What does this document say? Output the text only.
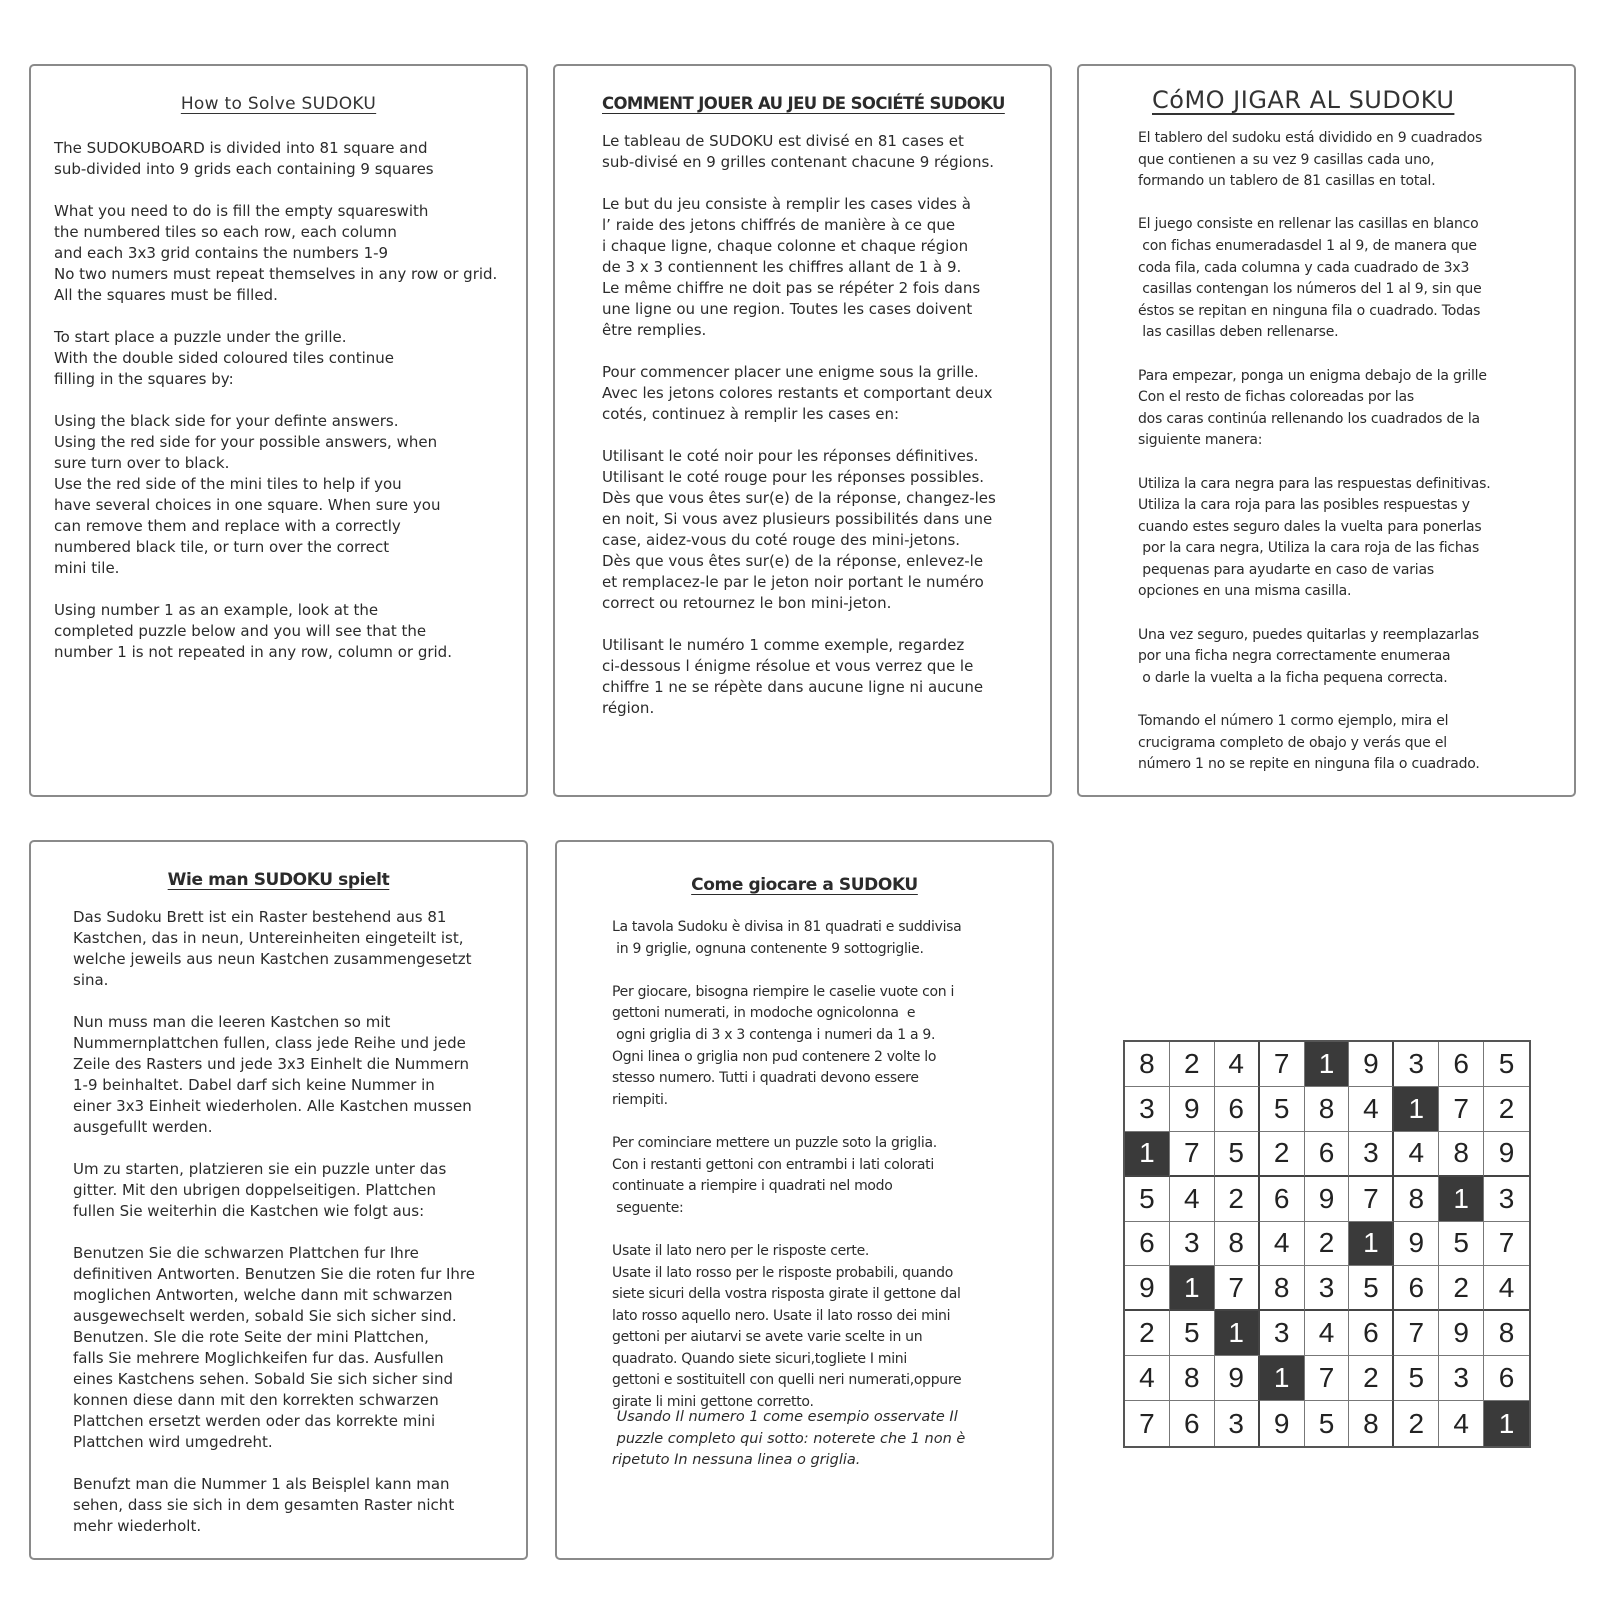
How to Solve SUDOKU

The SUDOKUBOARD is divided into 81 square and
sub-divided into 9 grids each containing 9 squares

What you need to do is fill the empty squareswith
the numbered tiles so each row, each column
and each 3x3 grid contains the numbers 1-9
No two numers must repeat themselves in any row or grid.
All the squares must be filled.

To start place a puzzle under the grille.
With the double sided coloured tiles continue
filling in the squares by:

Using the black side for your definte answers.
Using the red side for your possible answers, when
sure turn over to black.
Use the red side of the mini tiles to help if you
have several choices in one square. When sure you
can remove them and replace with a correctly
numbered black tile, or turn over the correct
mini tile.

Using number 1 as an example, look at the
completed puzzle below and you will see that the
number 1 is not repeated in any row, column or grid.

COMMENT JOUER AU JEU DE SOCIÉTÉ SUDOKU

Le tableau de SUDOKU est divisé en 81 cases et
sub-divisé en 9 grilles contenant chacune 9 régions.

Le but du jeu consiste à remplir les cases vides à
l’ raide des jetons chiffrés de manière à ce que
i chaque ligne, chaque colonne et chaque région
de 3 x 3 contiennent les chiffres allant de 1 à 9.
Le même chiffre ne doit pas se répéter 2 fois dans
une ligne ou une region. Toutes les cases doivent
être remplies.

Pour commencer placer une enigme sous la grille.
Avec les jetons colores restants et comportant deux
cotés, continuez à remplir les cases en:

Utilisant le coté noir pour les réponses définitives.
Utilisant le coté rouge pour les réponses possibles.
Dès que vous êtes sur(e) de la réponse, changez-les
en noit, Si vous avez plusieurs possibilités dans une
case, aidez-vous du coté rouge des mini-jetons.
Dès que vous êtes sur(e) de la réponse, enlevez-le
et remplacez-le par le jeton noir portant le numéro
correct ou retournez le bon mini-jeton.

Utilisant le numéro 1 comme exemple, regardez
ci-dessous l énigme résolue et vous verrez que le
chiffre 1 ne se répète dans aucune ligne ni aucune
région.

CóMO JIGAR AL SUDOKU

El tablero del sudoku está dividido en 9 cuadrados
que contienen a su vez 9 casillas cada uno,
formando un tablero de 81 casillas en total.

El juego consiste en rellenar las casillas en blanco
con fichas enumeradasdel 1 al 9, de manera que
coda fila, cada columna y cada cuadrado de 3x3
casillas contengan los números del 1 al 9, sin que
éstos se repitan en ninguna fila o cuadrado. Todas
las casillas deben rellenarse.

Para empezar, ponga un enigma debajo de la grille
Con el resto de fichas coloreadas por las
dos caras continúa rellenando los cuadrados de la
siguiente manera:

Utiliza la cara negra para las respuestas definitivas.
Utiliza la cara roja para las posibles respuestas y
cuando estes seguro dales la vuelta para ponerlas
por la cara negra, Utiliza la cara roja de las fichas
pequenas para ayudarte en caso de varias
opciones en una misma casilla.

Una vez seguro, puedes quitarlas y reemplazarlas
por una ficha negra correctamente enumeraa
o darle la vuelta a la ficha pequena correcta.

Tomando el número 1 cormo ejemplo, mira el
crucigrama completo de obajo y verás que el
número 1 no se repite en ninguna fila o cuadrado.

Wie man SUDOKU spielt

Das Sudoku Brett ist ein Raster bestehend aus 81
Kastchen, das in neun, Untereinheiten eingeteilt ist,
welche jeweils aus neun Kastchen zusammengesetzt
sina.

Nun muss man die leeren Kastchen so mit
Nummernplattchen fullen, class jede Reihe und jede
Zeile des Rasters und jede 3x3 Einhelt die Nummern
1-9 beinhaltet. Dabel darf sich keine Nummer in
einer 3x3 Einheit wiederholen. Alle Kastchen mussen
ausgefullt werden.

Um zu starten, platzieren sie ein puzzle unter das
gitter. Mit den ubrigen doppelseitigen. Plattchen
fullen Sie weiterhin die Kastchen wie folgt aus:

Benutzen Sie die schwarzen Plattchen fur Ihre
definitiven Antworten. Benutzen Sie die roten fur Ihre
moglichen Antworten, welche dann mit schwarzen
ausgewechselt werden, sobald Sie sich sicher sind.
Benutzen. Sle die rote Seite der mini Plattchen,
falls Sie mehrere Moglichkeifen fur das. Ausfullen
eines Kastchens sehen. Sobald Sie sich sicher sind
konnen diese dann mit den korrekten schwarzen
Plattchen ersetzt werden oder das korrekte mini
Plattchen wird umgedreht.

Benufzt man die Nummer 1 als Beisplel kann man
sehen, dass sie sich in dem gesamten Raster nicht
mehr wiederholt.

Come giocare a SUDOKU

La tavola Sudoku è divisa in 81 quadrati e suddivisa
in 9 griglie, ognuna contenente 9 sottogriglie.

Per giocare, bisogna riempire le caselie vuote con i
gettoni numerati, in modoche ognicolonna  e
ogni griglia di 3 x 3 contenga i numeri da 1 a 9.
Ogni linea o griglia non pud contenere 2 volte lo
stesso numero. Tutti i quadrati devono essere
riempiti.

Per cominciare mettere un puzzle soto la griglia.
Con i restanti gettoni con entrambi i lati colorati
continuate a riempire i quadrati nel modo
seguente:

Usate il lato nero per le risposte certe.
Usate il lato rosso per le risposte probabili, quando
siete sicuri della vostra risposta girate il gettone dal
lato rosso aquello nero. Usate il lato rosso dei mini
gettoni per aiutarvi se avete varie scelte in un
quadrato. Quando siete sicuri,togliete I mini
gettoni e sostituitell con quelli neri numerati,oppure
girate li mini gettone corretto.

Usando Il numero 1 come esempio osservate Il
puzzle completo qui sotto: noterete che 1 non è
ripetuto In nessuna linea o griglia.

8	2	4	7	1	9	3	6	5
3	9	6	5	8	4	1	7	2
1	7	5	2	6	3	4	8	9
5	4	2	6	9	7	8	1	3
6	3	8	4	2	1	9	5	7
9	1	7	8	3	5	6	2	4
2	5	1	3	4	6	7	9	8
4	8	9	1	7	2	5	3	6
7	6	3	9	5	8	2	4	1
